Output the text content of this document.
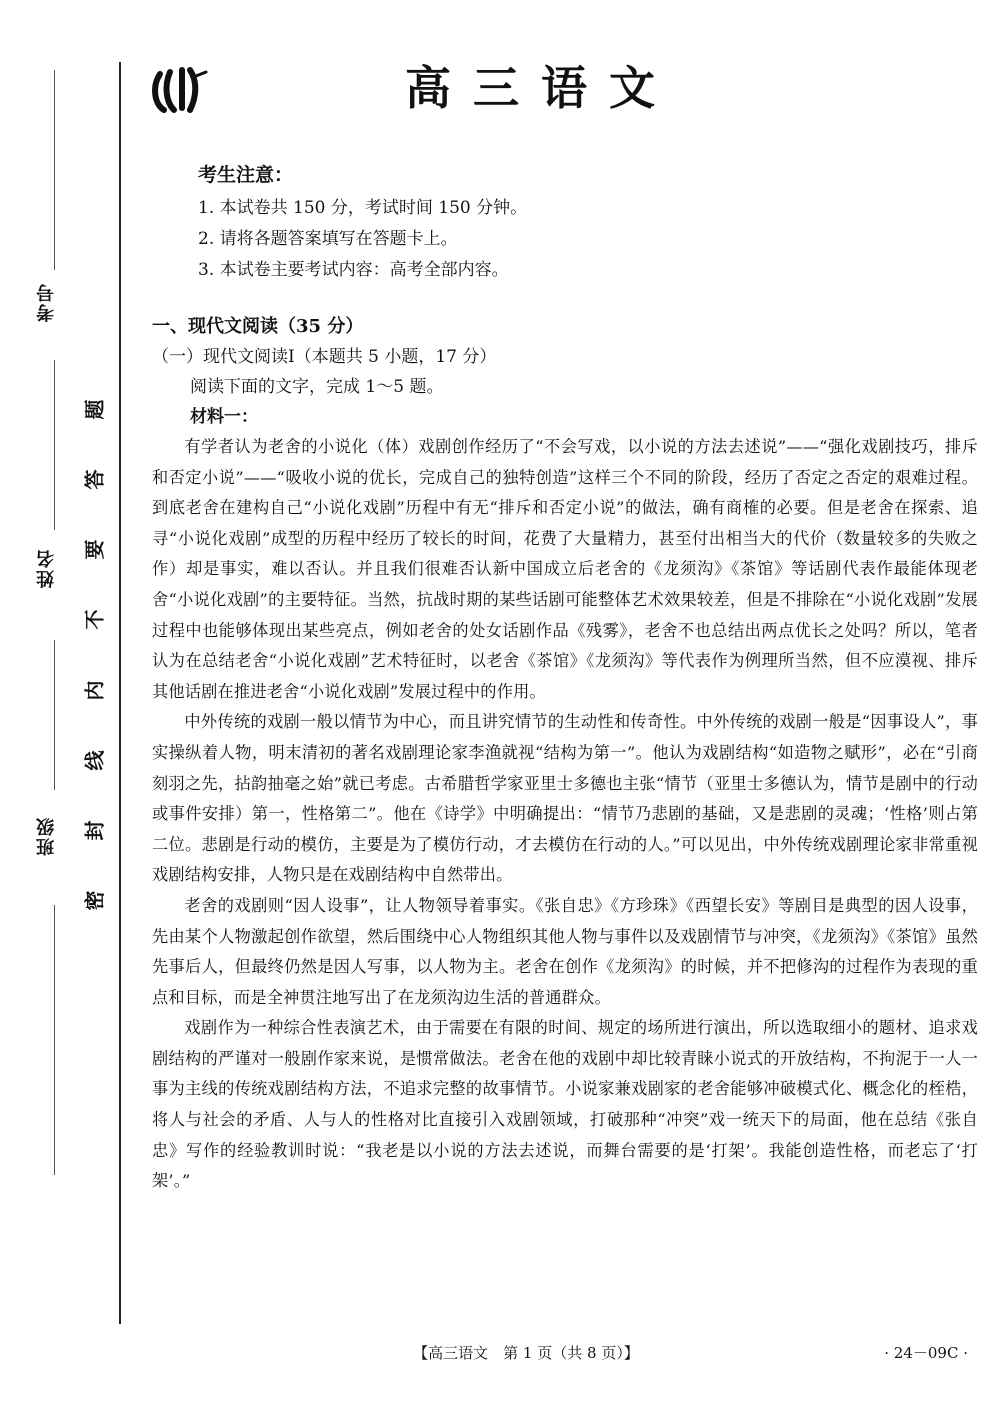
考号
姓名
班级
题
答
要
不
内
线
封
密
高三语文
考生注意：
1. 本试卷共 150 分，考试时间 150 分钟。
2. 请将各题答案填写在答题卡上。
3. 本试卷主要考试内容：高考全部内容。
一、现代文阅读（35 分）
（一）现代文阅读Ⅰ（本题共 5 小题，17 分）
阅读下面的文字，完成 1～5 题。
材料一：

有学者认为老舍的小说化（体）戏剧创作经历了“不会写戏，以小说的方法去述说”——“强化戏剧技巧，排斥和否定小说”——“吸收小说的优长，完成自己的独特创造”这样三个不同的阶段，经历了否定之否定的艰难过程。到底老舍在建构自己“小说化戏剧”历程中有无“排斥和否定小说”的做法，确有商榷的必要。但是老舍在探索、追寻“小说化戏剧”成型的历程中经历了较长的时间，花费了大量精力，甚至付出相当大的代价（数量较多的失败之作）却是事实，难以否认。并且我们很难否认新中国成立后老舍的《龙须沟》《茶馆》等话剧代表作最能体现老舍“小说化戏剧”的主要特征。当然，抗战时期的某些话剧可能整体艺术效果较差，但是不排除在“小说化戏剧”发展过程中也能够体现出某些亮点，例如老舍的处女话剧作品《残雾》，老舍不也总结出两点优长之处吗？所以，笔者认为在总结老舍“小说化戏剧”艺术特征时，以老舍《茶馆》《龙须沟》等代表作为例理所当然，但不应漠视、排斥其他话剧在推进老舍“小说化戏剧”发展过程中的作用。

中外传统的戏剧一般以情节为中心，而且讲究情节的生动性和传奇性。中外传统的戏剧一般是“因事设人”，事实操纵着人物，明末清初的著名戏剧理论家李渔就视“结构为第一”。他认为戏剧结构“如造物之赋形”，必在“引商刻羽之先，拈韵抽毫之始”就已考虑。古希腊哲学家亚里士多德也主张“情节（亚里士多德认为，情节是剧中的行动或事件安排）第一，性格第二”。他在《诗学》中明确提出：“情节乃悲剧的基础，又是悲剧的灵魂；‘性格’则占第二位。悲剧是行动的模仿，主要是为了模仿行动，才去模仿在行动的人。”可以见出，中外传统戏剧理论家非常重视戏剧结构安排，人物只是在戏剧结构中自然带出。

老舍的戏剧则“因人设事”，让人物领导着事实。《张自忠》《方珍珠》《西望长安》等剧目是典型的因人设事，先由某个人物激起创作欲望，然后围绕中心人物组织其他人物与事件以及戏剧情节与冲突，《龙须沟》《茶馆》虽然先事后人，但最终仍然是因人写事，以人物为主。老舍在创作《龙须沟》的时候，并不把修沟的过程作为表现的重点和目标，而是全神贯注地写出了在龙须沟边生活的普通群众。

戏剧作为一种综合性表演艺术，由于需要在有限的时间、规定的场所进行演出，所以选取细小的题材、追求戏剧结构的严谨对一般剧作家来说，是惯常做法。老舍在他的戏剧中却比较青睐小说式的开放结构，不拘泥于一人一事为主线的传统戏剧结构方法，不追求完整的故事情节。小说家兼戏剧家的老舍能够冲破模式化、概念化的桎梏，将人与社会的矛盾、人与人的性格对比直接引入戏剧领域，打破那种“冲突”戏一统天下的局面，他在总结《张自忠》写作的经验教训时说：“我老是以小说的方法去述说，而舞台需要的是‘打架’。我能创造性格，而老忘了‘打架’。”

【高三语文　第 1 页（共 8 页）】	· 24－09C ·
